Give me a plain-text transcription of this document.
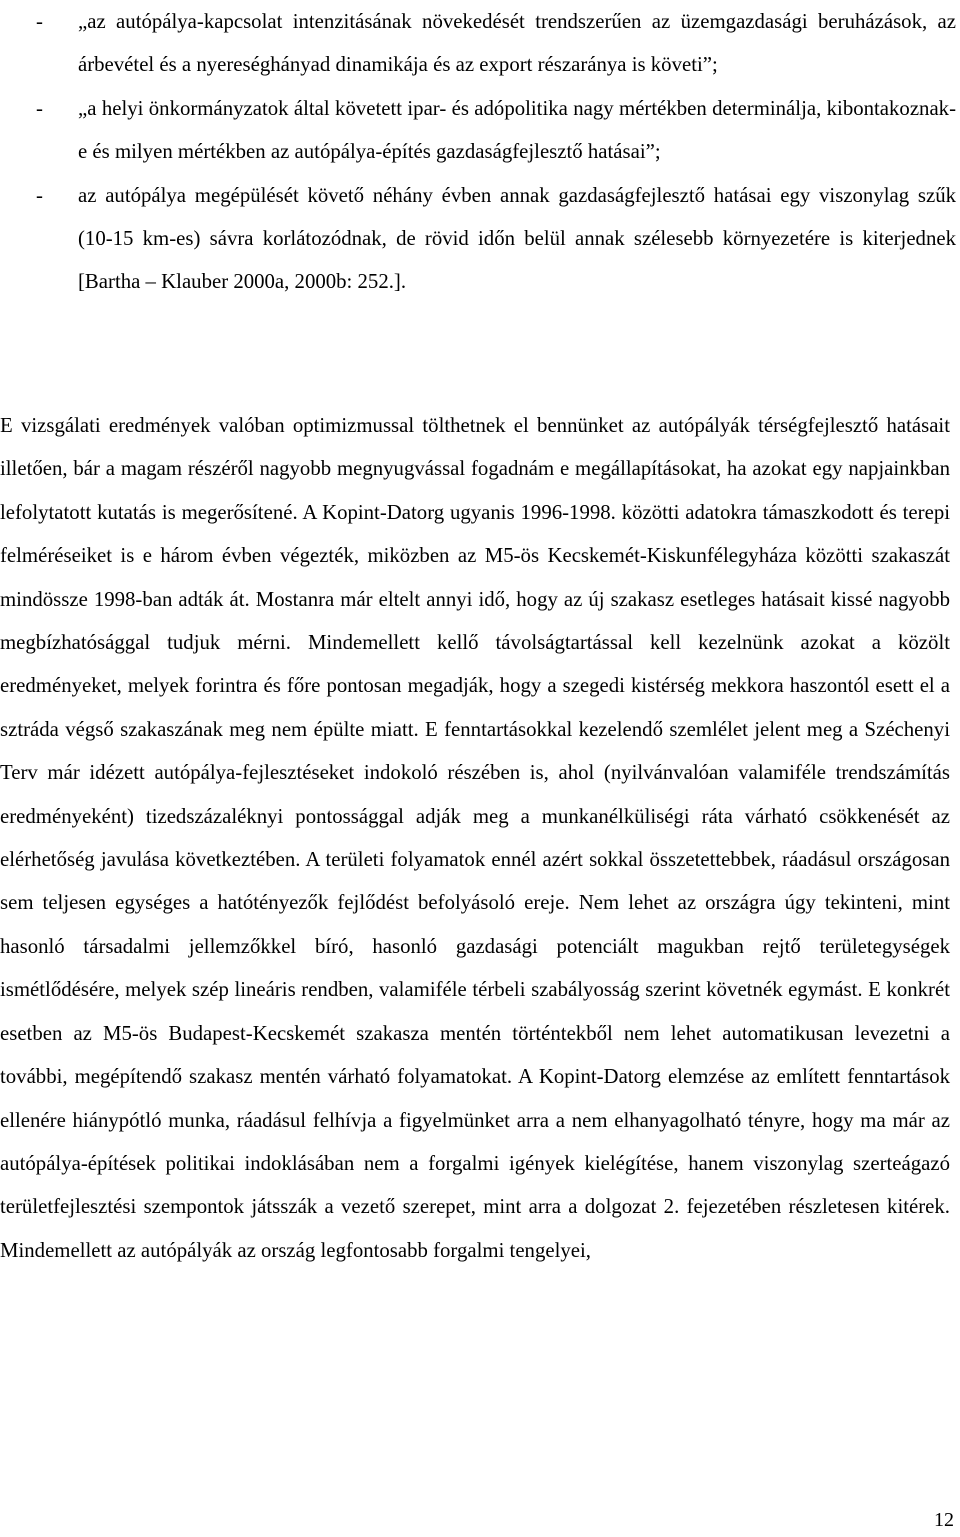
- „az autópálya-kapcsolat intenzitásának növekedését trendszerűen az üzemgazdasági beruházások, az árbevétel és a nyereséghányad dinamikája és az export részaránya is követi”;
- „a helyi önkormányzatok által követett ipar- és adópolitika nagy mértékben determinálja, kibontakoznak-e és milyen mértékben az autópálya-építés gazdaságfejlesztő hatásai”;
- az autópálya megépülését követő néhány évben annak gazdaságfejlesztő hatásai egy viszonylag szűk (10-15 km-es) sávra korlátozódnak, de rövid időn belül annak szélesebb környezetére is kiterjednek [Bartha – Klauber 2000a, 2000b: 252.].

E vizsgálati eredmények valóban optimizmussal tölthetnek el bennünket az autópályák térségfejlesztő hatásait illetően, bár a magam részéről nagyobb megnyugvással fogadnám e megállapításokat, ha azokat egy napjainkban lefolytatott kutatás is megerősítené. A Kopint-Datorg ugyanis 1996-1998. közötti adatokra támaszkodott és terepi felméréseiket is e három évben végezték, miközben az M5-ös Kecskemét-Kiskunfélegyháza közötti szakaszát mindössze 1998-ban adták át. Mostanra már eltelt annyi idő, hogy az új szakasz esetleges hatásait kissé nagyobb megbízhatósággal tudjuk mérni. Mindemellett kellő távolságtartással kell kezelnünk azokat a közölt eredményeket, melyek forintra és főre pontosan megadják, hogy a szegedi kistérség mekkora haszontól esett el a sztráda végső szakaszának meg nem épülte miatt. E fenntartásokkal kezelendő szemlélet jelent meg a Széchenyi Terv már idézett autópálya-fejlesztéseket indokoló részében is, ahol (nyilvánvalóan valamiféle trendszámítás eredményeként) tizedszázaléknyi pontossággal adják meg a munkanélküliségi ráta várható csökkenését az elérhetőség javulása következtében. A területi folyamatok ennél azért sokkal összetettebbek, ráadásul országosan sem teljesen egységes a hatótényezők fejlődést befolyásoló ereje. Nem lehet az országra úgy tekinteni, mint hasonló társadalmi jellemzőkkel bíró, hasonló gazdasági potenciált magukban rejtő területegységek ismétlődésére, melyek szép lineáris rendben, valamiféle térbeli szabályosság szerint követnék egymást. E konkrét esetben az M5-ös Budapest-Kecskemét szakasza mentén történtekből nem lehet automatikusan levezetni a további, megépítendő szakasz mentén várható folyamatokat. A Kopint-Datorg elemzése az említett fenntartások ellenére hiánypótló munka, ráadásul felhívja a figyelmünket arra a nem elhanyagolható tényre, hogy ma már az autópálya-építések politikai indoklásában nem a forgalmi igények kielégítése, hanem viszonylag szerteágazó területfejlesztési szempontok játsszák a vezető szerepet, mint arra a dolgozat 2. fejezetében részletesen kitérek. Mindemellett az autópályák az ország legfontosabb forgalmi tengelyei,

12
